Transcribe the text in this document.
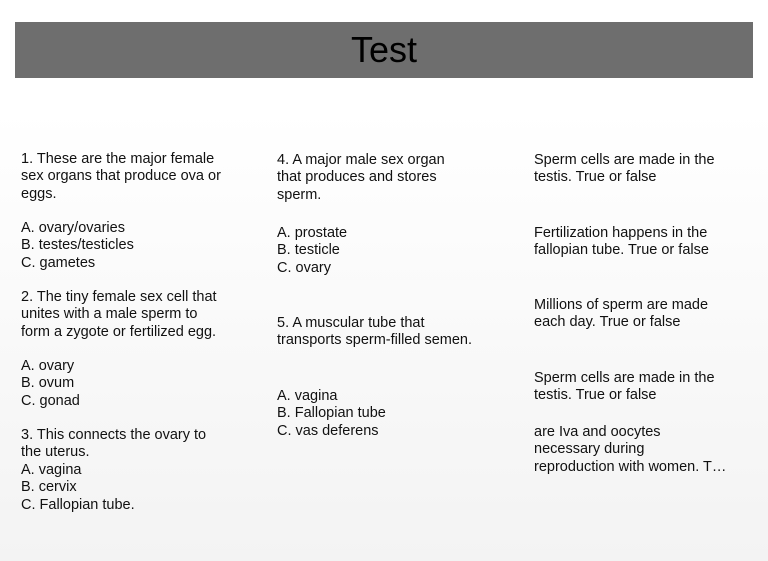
Test
1. These are the major female
sex organs that produce ova or
eggs.
A. ovary/ovaries
B. testes/testicles
C. gametes
2. The tiny female sex cell that
unites with a male sperm to
form a zygote or fertilized egg.
A. ovary
B. ovum
C. gonad
3. This connects the ovary to
the uterus.
A. vagina
B. cervix
C. Fallopian tube.
4. A major male sex organ
that produces and stores
sperm.
A. prostate
B. testicle
C. ovary
5. A muscular tube that
transports sperm-filled semen.
A. vagina
B. Fallopian tube
C. vas deferens
Sperm cells are made in the
testis. True or false
Fertilization happens in the
fallopian tube. True or false
Millions of sperm are made
each day. True or false
Sperm cells are made in the
testis. True or false
are Iva and oocytes
necessary during
reproduction with women. T…
